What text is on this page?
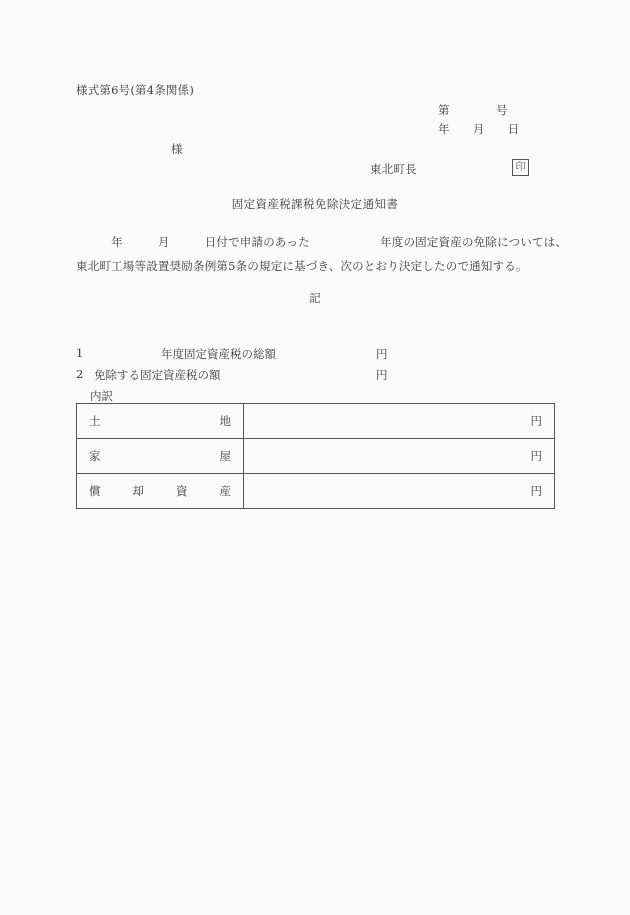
様式第6号(第4条関係)
第            号
年      月      日
様
東北町長	印
固定資産税課税免除決定通知書
　　　年　　　月　　　日付で申請のあった　　　　　　年度の固定資産の免除については、
東北町工場等設置奨励条例第5条の規定に基づき、次のとおり決定したので通知する。
記
1	　　年度固定資産税の総額	円
2 免除する固定資産税の額	円
内訳
土 地	円

家 屋	円

償 却 資 産	円
